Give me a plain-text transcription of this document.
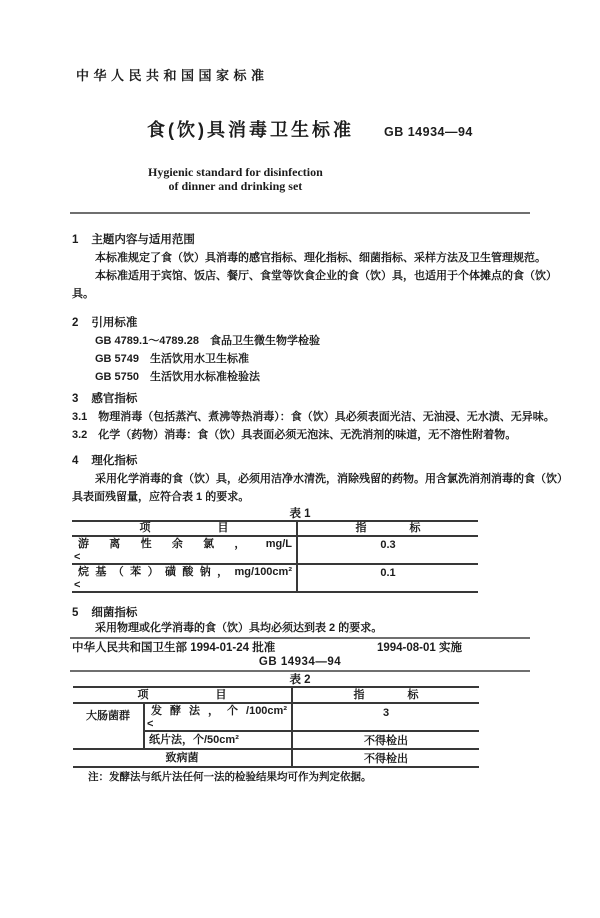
中华人民共和国国家标准
食(饮)具消毒卫生标准 GB 14934—94
Hygienic standard for disinfection
of dinner and drinking set
1 主题内容与适用范围
本标准规定了食（饮）具消毒的感官指标、理化指标、细菌指标、采样方法及卫生管理规范。
本标准适用于宾馆、饭店、餐厅、食堂等饮食企业的食（饮）具，也适用于个体摊点的食（饮）
具。
2 引用标准
GB 4789.1～4789.28　食品卫生微生物学检验
GB 5749　生活饮用水卫生标准
GB 5750　生活饮用水标准检验法
3 感官指标
3.1 物理消毒（包括蒸汽、煮沸等热消毒）：食（饮）具必须表面光洁、无油浸、无水渍、无异味。
3.2 化学（药物）消毒：食（饮）具表面必须无泡沫、无洗消剂的味道，无不溶性附着物。
4 理化指标
采用化学消毒的食（饮）具，必须用洁净水清洗，消除残留的药物。用含氯洗消剂消毒的食（饮）
具表面残留量，应符合表 1 的要求。
表 1
项 目	指 标

游 离 性 余 氯 ， mg/L
<	0.3

烷 基 （ 苯 ） 磺 酸 钠 ， mg/100cm²
<	0.1
5 细菌指标
采用物理或化学消毒的食（饮）具均必须达到表 2 的要求。
中华人民共和国卫生部 1994-01-24 批准	1994-08-01 实施
GB 14934—94
表 2
项 目		指 标
大肠菌群	发 酵 法 ， 个 /100cm²
<	3
	纸片法，个/50cm²	不得检出
致病菌		不得检出
注：发酵法与纸片法任何一法的检验结果均可作为判定依据。
